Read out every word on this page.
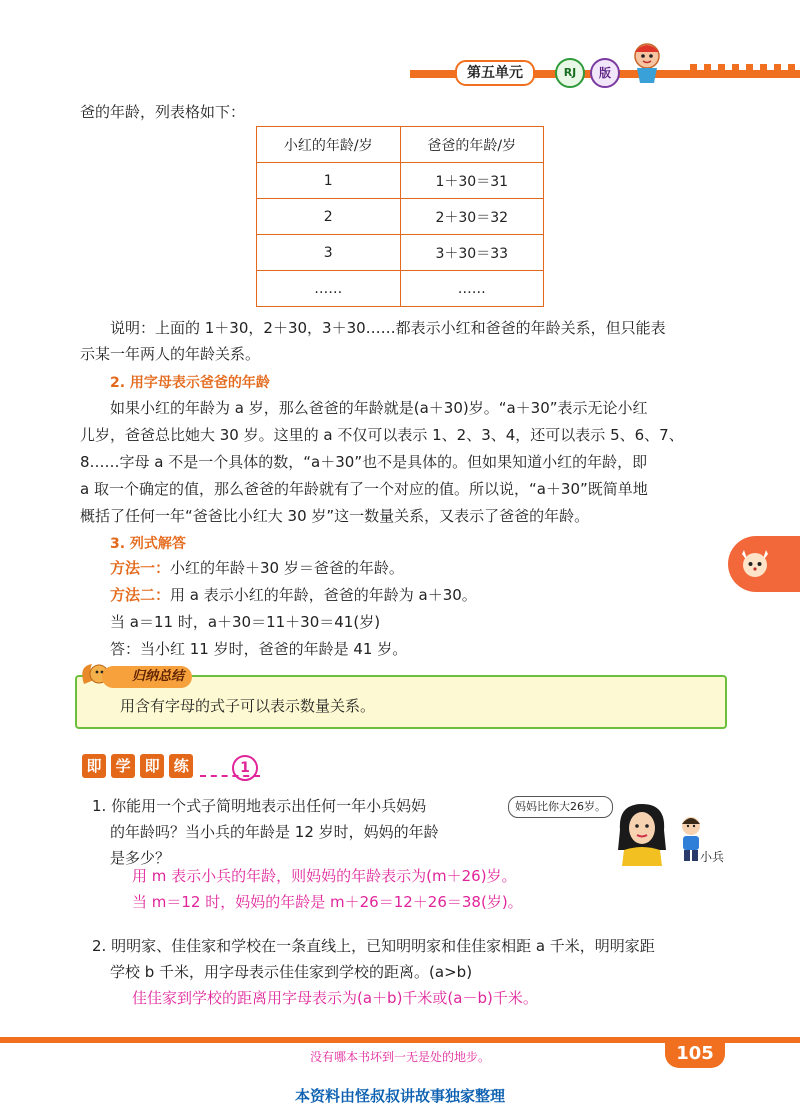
第五单元	RJ	版
爸的年龄，列表格如下：
小红的年龄/岁	爸爸的年龄/岁
1	1＋30＝31
2	2＋30＝32
3	3＋30＝33
……	……
说明：上面的 1＋30，2＋30，3＋30……都表示小红和爸爸的年龄关系，但只能表
示某一年两人的年龄关系。
2. 用字母表示爸爸的年龄
如果小红的年龄为 a 岁，那么爸爸的年龄就是(a＋30)岁。“a＋30”表示无论小红
儿岁，爸爸总比她大 30 岁。这里的 a 不仅可以表示 1、2、3、4，还可以表示 5、6、7、
8……字母 a 不是一个具体的数，“a＋30”也不是具体的。但如果知道小红的年龄，即
a 取一个确定的值，那么爸爸的年龄就有了一个对应的值。所以说，“a＋30”既简单地
概括了任何一年“爸爸比小红大 30 岁”这一数量关系，又表示了爸爸的年龄。
3. 列式解答
方法一：小红的年龄＋30 岁＝爸爸的年龄。
方法二：用 a 表示小红的年龄，爸爸的年龄为 a＋30。
当 a＝11 时，a＋30＝11＋30＝41(岁)
答：当小红 11 岁时，爸爸的年龄是 41 岁。
归纳总结
用含有字母的式子可以表示数量关系。
即 学 即 练	1
1. 你能用一个式子简明地表示出任何一年小兵妈妈
的年龄吗？当小兵的年龄是 12 岁时，妈妈的年龄
是多少？
妈妈比你大26岁。
小兵
用 m 表示小兵的年龄，则妈妈的年龄表示为(m＋26)岁。
当 m＝12 时，妈妈的年龄是 m＋26＝12＋26＝38(岁)。
2. 明明家、佳佳家和学校在一条直线上，已知明明家和佳佳家相距 a 千米，明明家距
学校 b 千米，用字母表示佳佳家到学校的距离。(a>b)
佳佳家到学校的距离用字母表示为(a＋b)千米或(a－b)千米。
没有哪本书坏到一无是处的地步。	105
本资料由怪叔叔讲故事独家整理
